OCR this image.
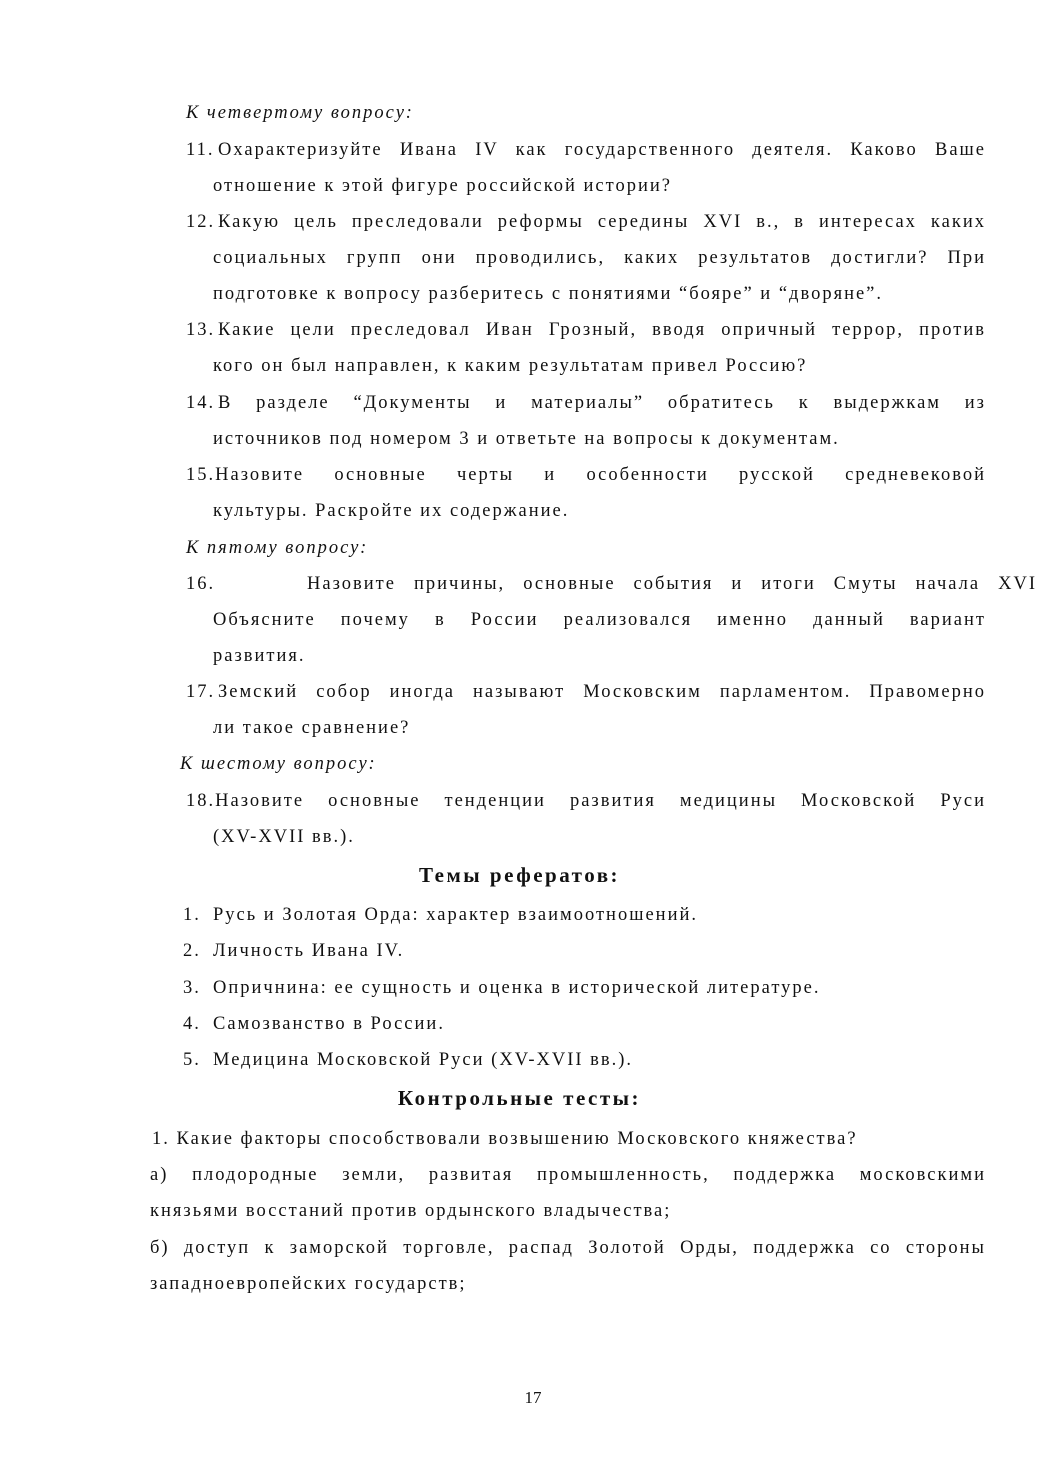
К четвертому вопросу:

11. Охарактеризуйте Ивана IV как государственного деятеля. Каково Ваше

отношение к этой фигуре российской истории?

12. Какую цель преследовали реформы середины XVI в., в интересах каких

социальных групп они проводились, каких результатов достигли? При

подготовке к вопросу разберитесь с понятиями “бояре” и “дворяне”.

13. Какие цели преследовал Иван Грозный, вводя опричный террор, против

кого он был направлен, к каким результатам привел Россию?

14. В разделе “Документы и материалы” обратитесь к выдержкам из

источников под номером 3 и ответьте на вопросы к документам.

15.Назовите основные черты и особенности русской средневековой

культуры. Раскройте их содержание.

К пятому вопросу:

16.	Назовите причины, основные события и итоги Смуты начала XVI

Объясните почему в России реализовался именно данный вариант

развития.

17. Земский собор иногда называют Московским парламентом. Правомерно

ли такое сравнение?

К шестому вопросу:

18.Назовите основные тенденции развития медицины Московской Руси

(XV-XVII вв.).

Темы рефератов:

1. Русь и Золотая Орда: характер взаимоотношений.
2. Личность Ивана IV.
3. Опричнина: ее сущность и оценка в исторической литературе.
4. Самозванство в России.
5. Медицина Московской Руси (XV-XVII вв.).

Контрольные тесты:

1. Какие факторы способствовали возвышению Московского княжества?

а) плодородные земли, развитая промышленность, поддержка московскими

князьями восстаний против ордынского владычества;

б) доступ к заморской торговле, распад Золотой Орды, поддержка со стороны

западноевропейских государств;

17
